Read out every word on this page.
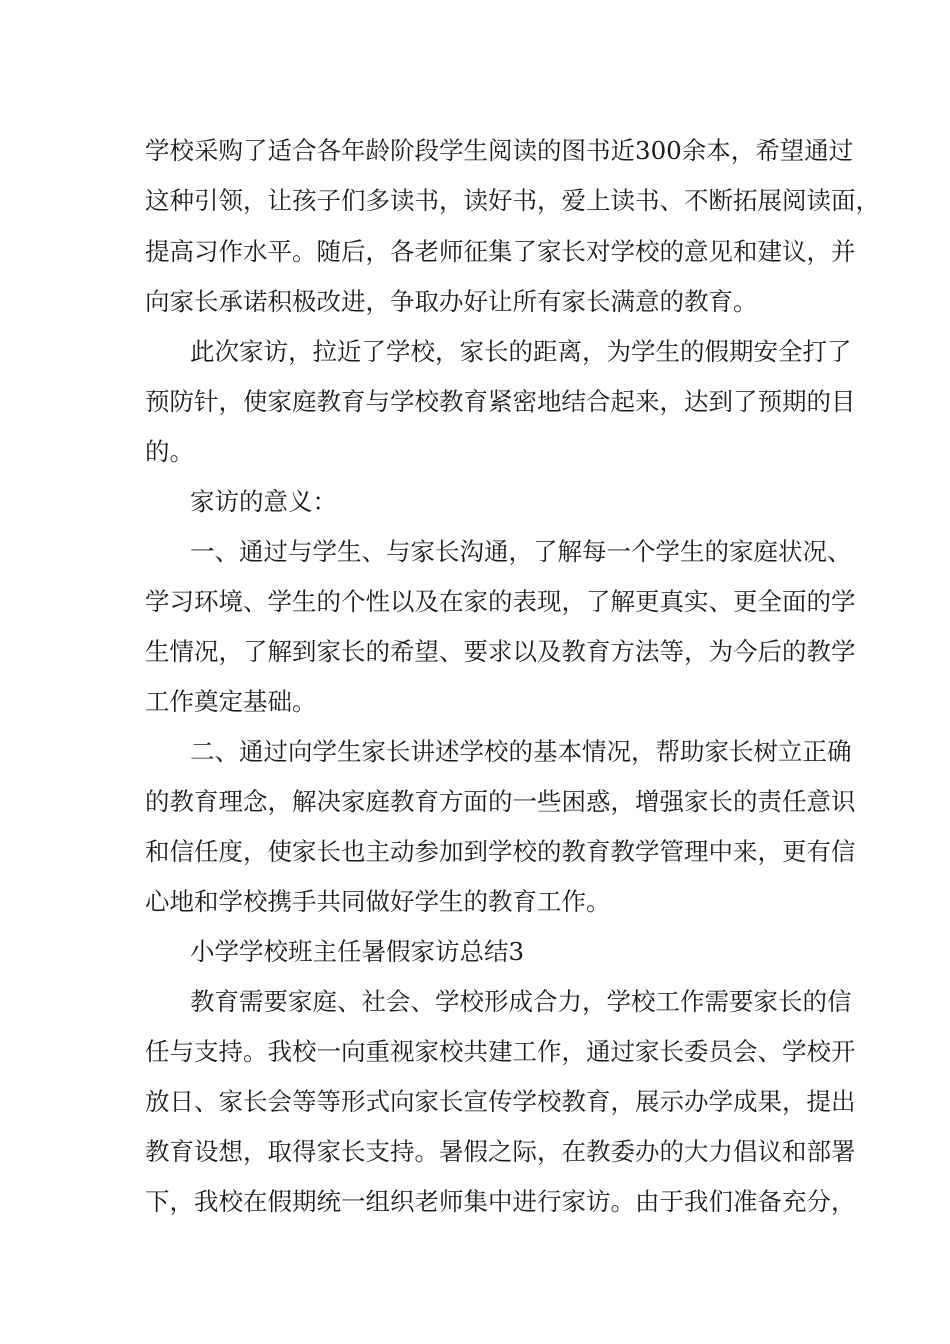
学校采购了适合各年龄阶段学生阅读的图书近300余本，希望通过
这种引领，让孩子们多读书，读好书，爱上读书、不断拓展阅读面，
提高习作水平。随后，各老师征集了家长对学校的意见和建议，并
向家长承诺积极改进，争取办好让所有家长满意的教育。
此次家访，拉近了学校，家长的距离，为学生的假期安全打了
预防针，使家庭教育与学校教育紧密地结合起来，达到了预期的目
的。
家访的意义：
一、通过与学生、与家长沟通，了解每一个学生的家庭状况、
学习环境、学生的个性以及在家的表现，了解更真实、更全面的学
生情况，了解到家长的希望、要求以及教育方法等，为今后的教学
工作奠定基础。
二、通过向学生家长讲述学校的基本情况，帮助家长树立正确
的教育理念，解决家庭教育方面的一些困惑，增强家长的责任意识
和信任度，使家长也主动参加到学校的教育教学管理中来，更有信
心地和学校携手共同做好学生的教育工作。
小学学校班主任暑假家访总结3
教育需要家庭、社会、学校形成合力，学校工作需要家长的信
任与支持。我校一向重视家校共建工作，通过家长委员会、学校开
放日、家长会等等形式向家长宣传学校教育，展示办学成果，提出
教育设想，取得家长支持。暑假之际，在教委办的大力倡议和部署
下，我校在假期统一组织老师集中进行家访。由于我们准备充分，
